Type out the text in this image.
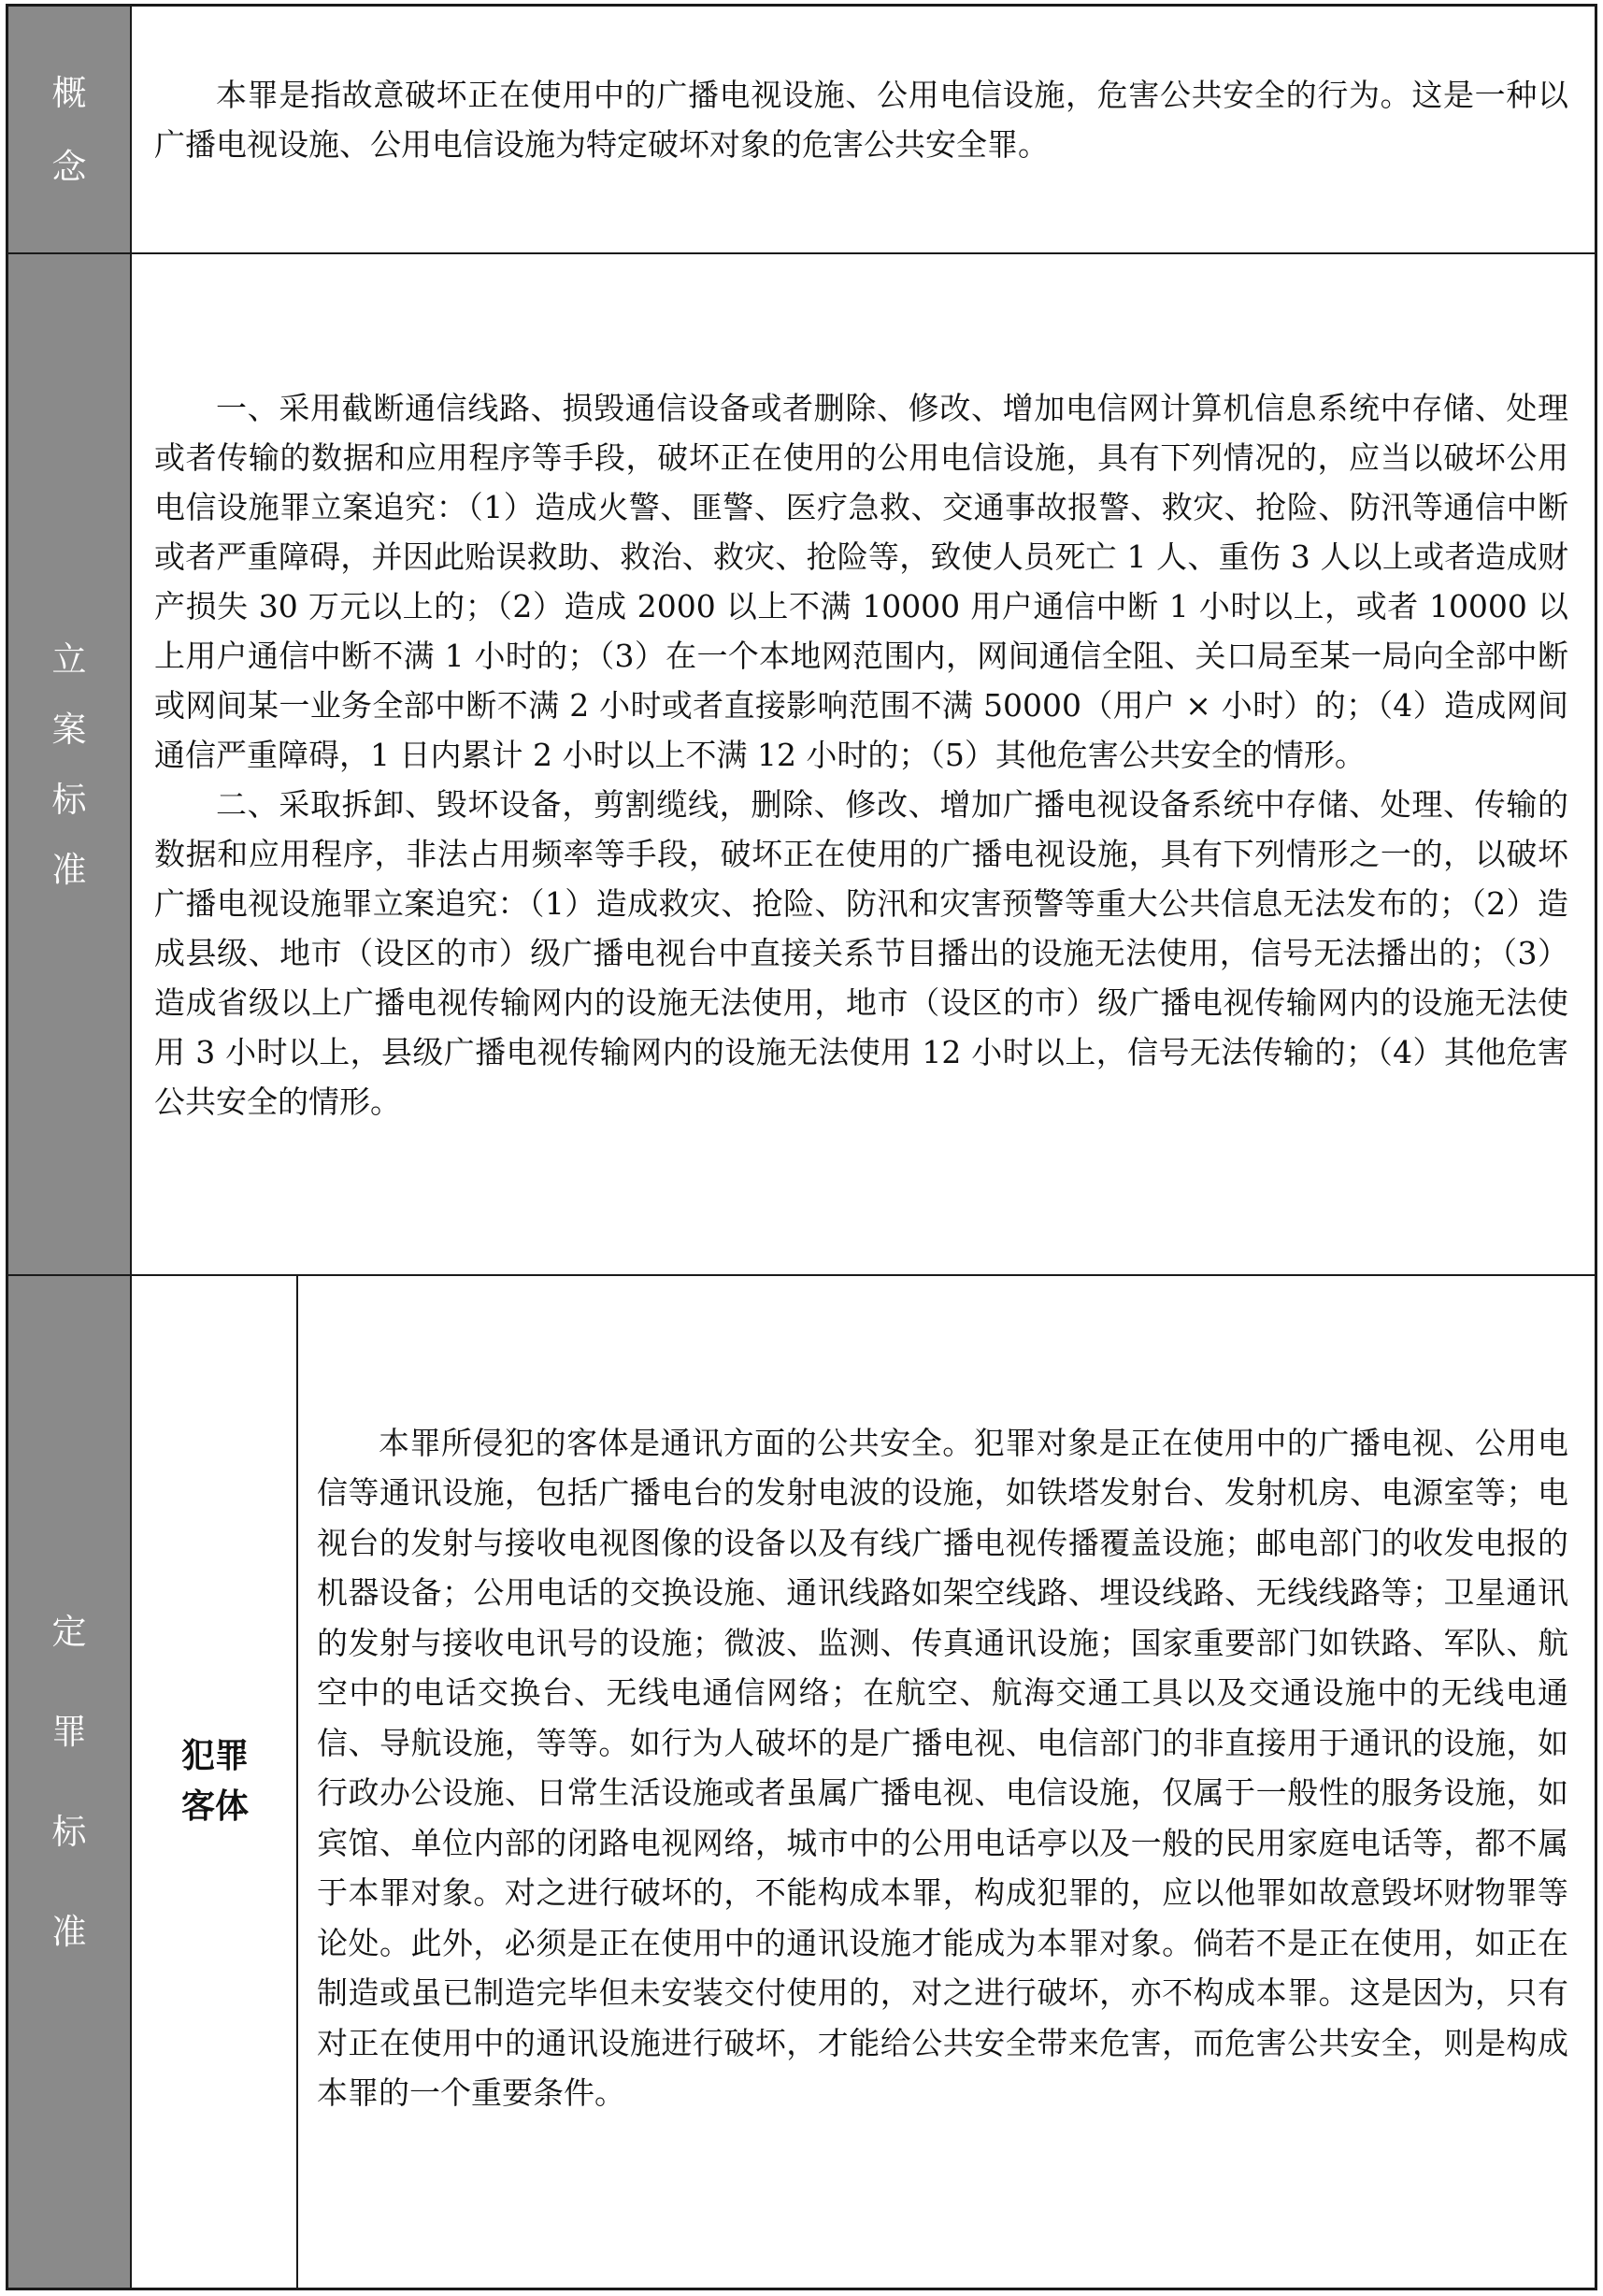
概
念

本罪是指故意破坏正在使用中的广播电视设施、公用电信设施，危害公共安全的行为。这是一种以广播电视设施、公用电信设施为特定破坏对象的危害公共安全罪。

立
案
标
准

一、采用截断通信线路、损毁通信设备或者删除、修改、增加电信网计算机信息系统中存储、处理或者传输的数据和应用程序等手段，破坏正在使用的公用电信设施，具有下列情况的，应当以破坏公用电信设施罪立案追究：（1）造成火警、匪警、医疗急救、交通事故报警、救灾、抢险、防汛等通信中断或者严重障碍，并因此贻误救助、救治、救灾、抢险等，致使人员死亡 1 人、重伤 3 人以上或者造成财产损失 30 万元以上的；（2）造成 2000 以上不满 10000 用户通信中断 1 小时以上，或者 10000 以上用户通信中断不满 1 小时的；（3）在一个本地网范围内，网间通信全阻、关口局至某一局向全部中断或网间某一业务全部中断不满 2 小时或者直接影响范围不满 50000（用户 × 小时）的；（4）造成网间通信严重障碍，1 日内累计 2 小时以上不满 12 小时的；（5）其他危害公共安全的情形。

二、采取拆卸、毁坏设备，剪割缆线，删除、修改、增加广播电视设备系统中存储、处理、传输的数据和应用程序，非法占用频率等手段，破坏正在使用的广播电视设施，具有下列情形之一的，以破坏广播电视设施罪立案追究：（1）造成救灾、抢险、防汛和灾害预警等重大公共信息无法发布的；（2）造成县级、地市（设区的市）级广播电视台中直接关系节目播出的设施无法使用，信号无法播出的；（3）造成省级以上广播电视传输网内的设施无法使用，地市（设区的市）级广播电视传输网内的设施无法使用 3 小时以上，县级广播电视传输网内的设施无法使用 12 小时以上，信号无法传输的；（4）其他危害公共安全的情形。

定
罪
标
准
犯罪
客体

本罪所侵犯的客体是通讯方面的公共安全。犯罪对象是正在使用中的广播电视、公用电信等通讯设施，包括广播电台的发射电波的设施，如铁塔发射台、发射机房、电源室等；电视台的发射与接收电视图像的设备以及有线广播电视传播覆盖设施；邮电部门的收发电报的机器设备；公用电话的交换设施、通讯线路如架空线路、埋设线路、无线线路等；卫星通讯的发射与接收电讯号的设施；微波、监测、传真通讯设施；国家重要部门如铁路、军队、航空中的电话交换台、无线电通信网络；在航空、航海交通工具以及交通设施中的无线电通信、导航设施，等等。如行为人破坏的是广播电视、电信部门的非直接用于通讯的设施，如行政办公设施、日常生活设施或者虽属广播电视、电信设施，仅属于一般性的服务设施，如宾馆、单位内部的闭路电视网络，城市中的公用电话亭以及一般的民用家庭电话等，都不属于本罪对象。对之进行破坏的，不能构成本罪，构成犯罪的，应以他罪如故意毁坏财物罪等论处。此外，必须是正在使用中的通讯设施才能成为本罪对象。倘若不是正在使用，如正在制造或虽已制造完毕但未安装交付使用的，对之进行破坏，亦不构成本罪。这是因为，只有对正在使用中的通讯设施进行破坏，才能给公共安全带来危害，而危害公共安全，则是构成本罪的一个重要条件。
